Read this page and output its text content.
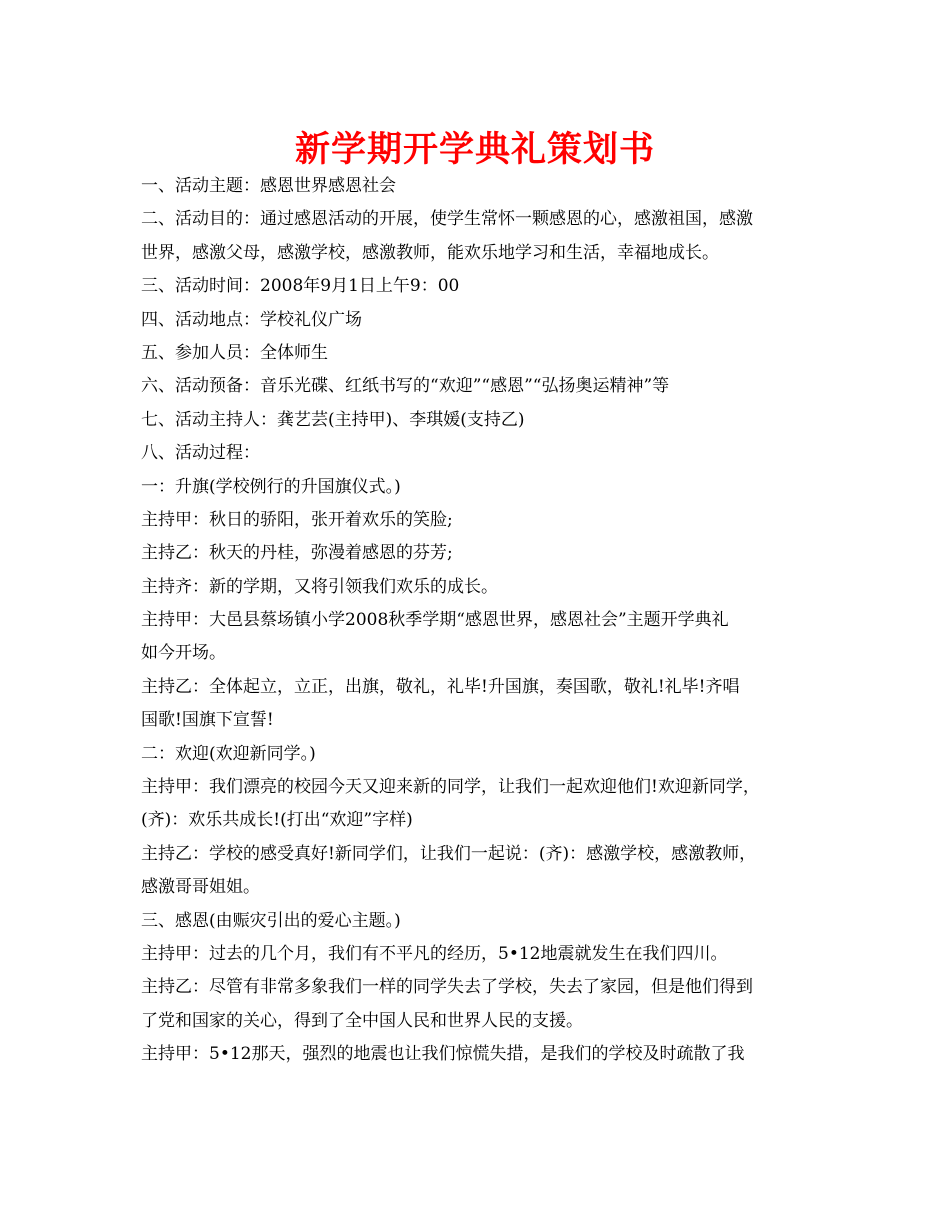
新学期开学典礼策划书
一、活动主题：感恩世界感恩社会
二、活动目的：通过感恩活动的开展，使学生常怀一颗感恩的心，感激祖国，感激
世界，感激父母，感激学校，感激教师，能欢乐地学习和生活，幸福地成长。
三、活动时间：2008年9月1日上午9：00
四、活动地点：学校礼仪广场
五、参加人员：全体师生
六、活动预备：音乐光碟、红纸书写的“欢迎”“感恩”“弘扬奥运精神”等
七、活动主持人：龚艺芸(主持甲)、李琪媛(支持乙)
八、活动过程：
一：升旗(学校例行的升国旗仪式。)
主持甲：秋日的骄阳，张开着欢乐的笑脸;
主持乙：秋天的丹桂，弥漫着感恩的芬芳;
主持齐：新的学期，又将引领我们欢乐的成长。
主持甲：大邑县蔡场镇小学2008秋季学期“感恩世界，感恩社会”主题开学典礼
如今开场。
主持乙：全体起立，立正，出旗，敬礼，礼毕!升国旗，奏国歌，敬礼!礼毕!齐唱
国歌!国旗下宣誓!
二：欢迎(欢迎新同学。)
主持甲：我们漂亮的校园今天又迎来新的同学，让我们一起欢迎他们!欢迎新同学，
(齐)：欢乐共成长!(打出“欢迎”字样)
主持乙：学校的感受真好!新同学们，让我们一起说：(齐)：感激学校，感激教师，
感激哥哥姐姐。
三、感恩(由赈灾引出的爱心主题。)
主持甲：过去的几个月，我们有不平凡的经历，5•12地震就发生在我们四川。
主持乙：尽管有非常多象我们一样的同学失去了学校，失去了家园，但是他们得到
了党和国家的关心，得到了全中国人民和世界人民的支援。
主持甲：5•12那天，强烈的地震也让我们惊慌失措，是我们的学校及时疏散了我
